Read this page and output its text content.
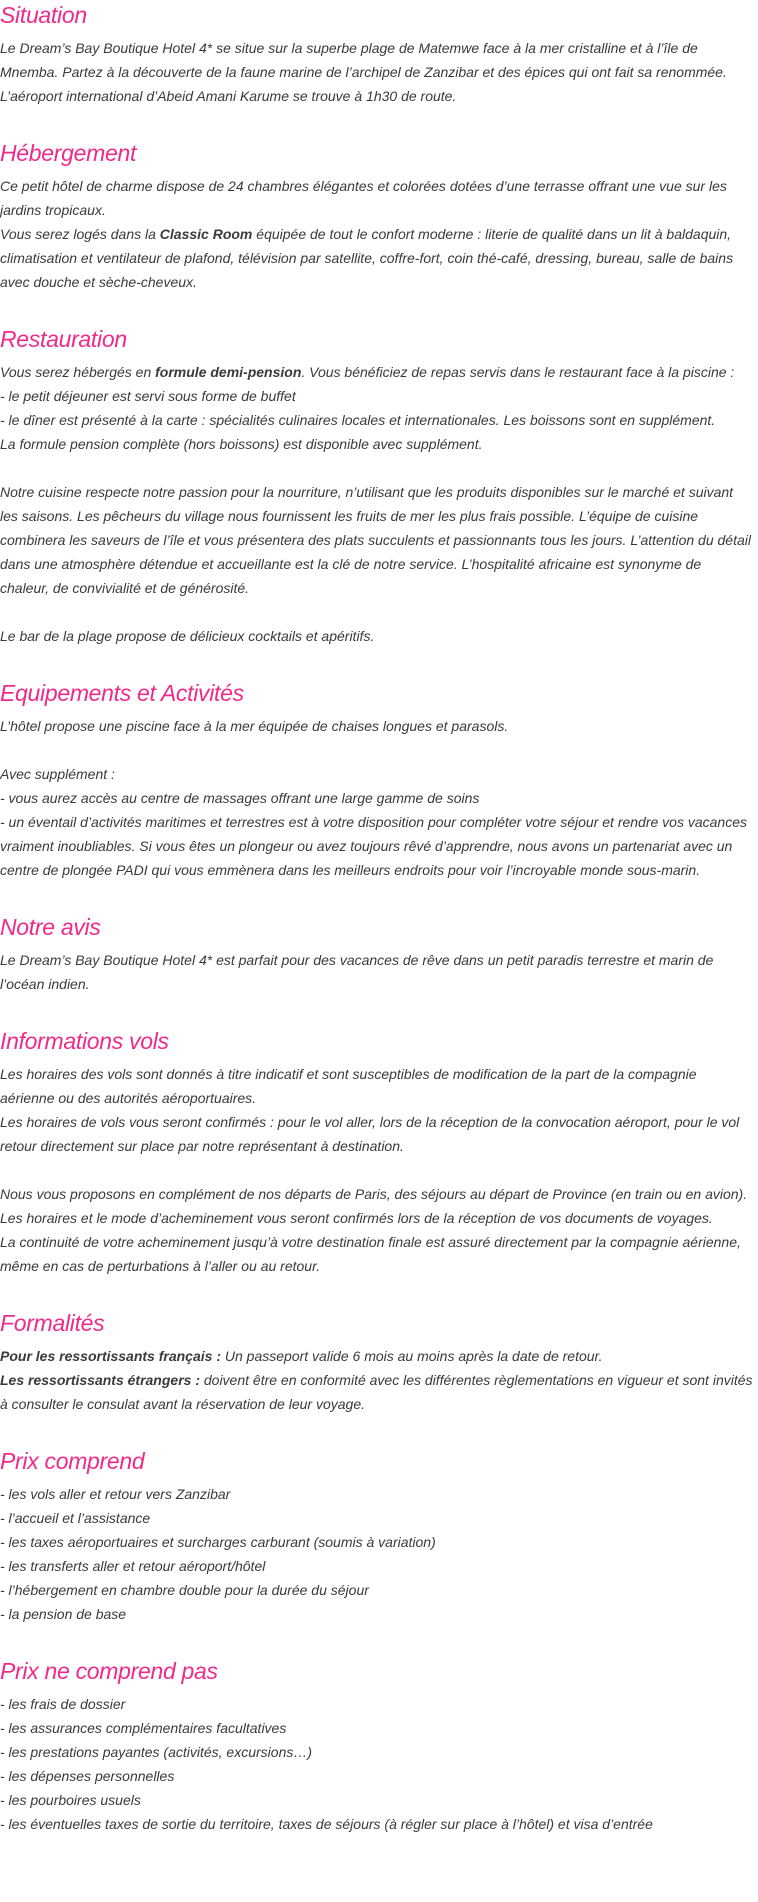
Situation

Le Dream’s Bay Boutique Hotel 4* se situe sur la superbe plage de Matemwe face à la mer cristalline et à l’île de Mnemba. Partez à la découverte de la faune marine de l’archipel de Zanzibar et des épices qui ont fait sa renommée. L’aéroport international d’Abeid Amani Karume se trouve à 1h30 de route.

Hébergement

Ce petit hôtel de charme dispose de 24 chambres élégantes et colorées dotées d’une terrasse offrant une vue sur les jardins tropicaux.

Vous serez logés dans la Classic Room équipée de tout le confort moderne : literie de qualité dans un lit à baldaquin, climatisation et ventilateur de plafond, télévision par satellite, coffre-fort, coin thé-café, dressing, bureau, salle de bains avec douche et sèche-cheveux.

Restauration

Vous serez hébergés en formule demi-pension. Vous bénéficiez de repas servis dans le restaurant face à la piscine :

- le petit déjeuner est servi sous forme de buffet
- le dîner est présenté à la carte : spécialités culinaires locales et internationales. Les boissons sont en supplément.
La formule pension complète (hors boissons) est disponible avec supplément.

Notre cuisine respecte notre passion pour la nourriture, n’utilisant que les produits disponibles sur le marché et suivant les saisons. Les pêcheurs du village nous fournissent les fruits de mer les plus frais possible. L’équipe de cuisine combinera les saveurs de l’île et vous présentera des plats succulents et passionnants tous les jours. L’attention du détail dans une atmosphère détendue et accueillante est la clé de notre service. L’hospitalité africaine est synonyme de chaleur, de convivialité et de générosité.

Le bar de la plage propose de délicieux cocktails et apéritifs.

Equipements et Activités

L’hôtel propose une piscine face à la mer équipée de chaises longues et parasols.

Avec supplément :
- vous aurez accès au centre de massages offrant une large gamme de soins
- un éventail d’activités maritimes et terrestres est à votre disposition pour compléter votre séjour et rendre vos vacances vraiment inoubliables. Si vous êtes un plongeur ou avez toujours rêvé d’apprendre, nous avons un partenariat avec un centre de plongée PADI qui vous emmènera dans les meilleurs endroits pour voir l’incroyable monde sous-marin.
Notre avis

Le Dream’s Bay Boutique Hotel 4* est parfait pour des vacances de rêve dans un petit paradis terrestre et marin de l’océan indien.

Informations vols

Les horaires des vols sont donnés à titre indicatif et sont susceptibles de modification de la part de la compagnie aérienne ou des autorités aéroportuaires.

Les horaires de vols vous seront confirmés : pour le vol aller, lors de la réception de la convocation aéroport, pour le vol retour directement sur place par notre représentant à destination.

Nous vous proposons en complément de nos départs de Paris, des séjours au départ de Province (en train ou en avion).

Les horaires et le mode d’acheminement vous seront confirmés lors de la réception de vos documents de voyages.

La continuité de votre acheminement jusqu’à votre destination finale est assuré directement par la compagnie aérienne, même en cas de perturbations à l’aller ou au retour.

Formalités

Pour les ressortissants français : Un passeport valide 6 mois au moins après la date de retour.

Les ressortissants étrangers : doivent être en conformité avec les différentes règlementations en vigueur et sont invités à consulter le consulat avant la réservation de leur voyage.

Prix comprend
- les vols aller et retour vers Zanzibar
- l’accueil et l’assistance
- les taxes aéroportuaires et surcharges carburant (soumis à variation)
- les transferts aller et retour aéroport/hôtel
- l’hébergement en chambre double pour la durée du séjour
- la pension de base
Prix ne comprend pas
- les frais de dossier
- les assurances complémentaires facultatives
- les prestations payantes (activités, excursions…)
- les dépenses personnelles
- les pourboires usuels
- les éventuelles taxes de sortie du territoire, taxes de séjours (à régler sur place à l’hôtel) et visa d’entrée
